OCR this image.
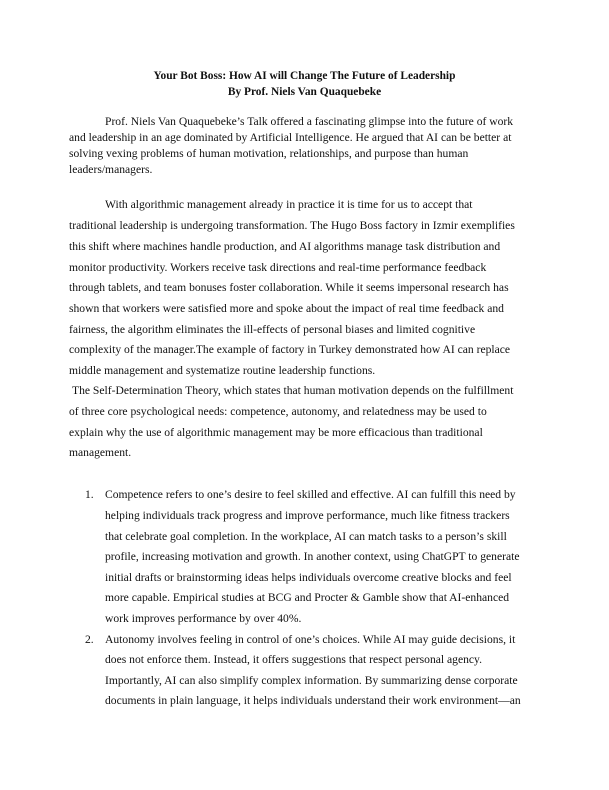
Your Bot Boss: How AI will Change The Future of Leadership
By Prof. Niels Van Quaquebeke
Prof. Niels Van Quaquebeke’s Talk offered a fascinating glimpse into the future of work
and leadership in an age dominated by Artificial Intelligence. He argued that AI can be better at
solving vexing problems of human motivation, relationships, and purpose than human
leaders/managers.
With algorithmic management already in practice it is time for us to accept that
traditional leadership is undergoing transformation. The Hugo Boss factory in Izmir exemplifies
this shift where machines handle production, and AI algorithms manage task distribution and
monitor productivity. Workers receive task directions and real-time performance feedback
through tablets, and team bonuses foster collaboration. While it seems impersonal research has
shown that workers were satisfied more and spoke about the impact of real time feedback and
fairness, the algorithm eliminates the ill-effects of personal biases and limited cognitive
complexity of the manager.The example of factory in Turkey demonstrated how AI can replace
middle management and systematize routine leadership functions.
The Self-Determination Theory, which states that human motivation depends on the fulfillment
of three core psychological needs: competence, autonomy, and relatedness may be used to
explain why the use of algorithmic management may be more efficacious than traditional
management.
1. Competence refers to one’s desire to feel skilled and effective. AI can fulfill this need by
helping individuals track progress and improve performance, much like fitness trackers
that celebrate goal completion. In the workplace, AI can match tasks to a person’s skill
profile, increasing motivation and growth. In another context, using ChatGPT to generate
initial drafts or brainstorming ideas helps individuals overcome creative blocks and feel
more capable. Empirical studies at BCG and Procter & Gamble show that AI-enhanced
work improves performance by over 40%.
2. Autonomy involves feeling in control of one’s choices. While AI may guide decisions, it
does not enforce them. Instead, it offers suggestions that respect personal agency.
Importantly, AI can also simplify complex information. By summarizing dense corporate
documents in plain language, it helps individuals understand their work environment—an
